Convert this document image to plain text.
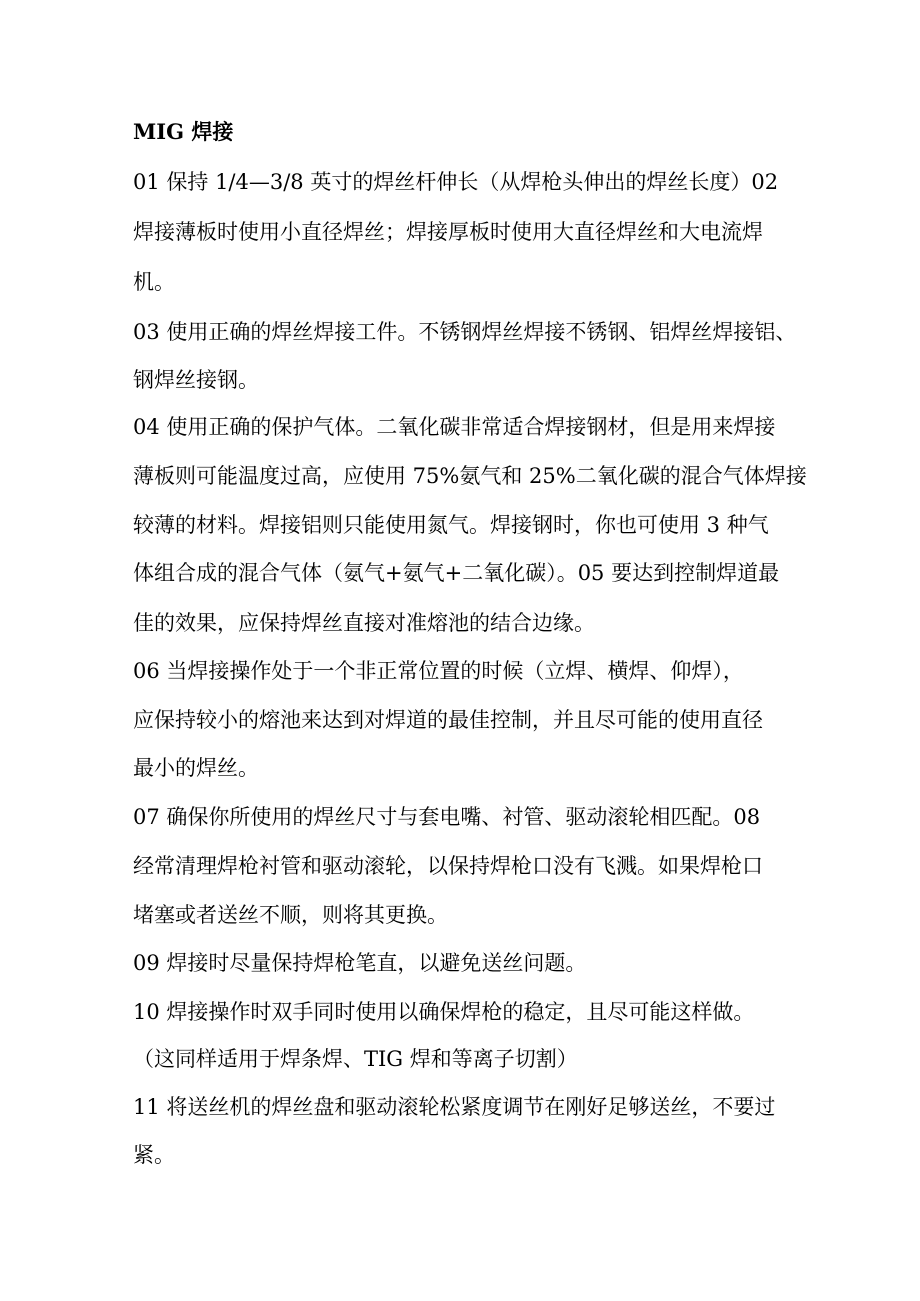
MIG 焊接
01 保持 1/4—3/8 英寸的焊丝杆伸长（从焊枪头伸出的焊丝长度）02
焊接薄板时使用小直径焊丝；焊接厚板时使用大直径焊丝和大电流焊
机。
03 使用正确的焊丝焊接工件。不锈钢焊丝焊接不锈钢、铝焊丝焊接铝、
钢焊丝接钢。
04 使用正确的保护气体。二氧化碳非常适合焊接钢材，但是用来焊接
薄板则可能温度过高，应使用 75%氨气和 25%二氧化碳的混合气体焊接
较薄的材料。焊接铝则只能使用氮气。焊接钢时，你也可使用 3 种气
体组合成的混合气体（氨气+氨气+二氧化碳）。05 要达到控制焊道最
佳的效果，应保持焊丝直接对准熔池的结合边缘。
06 当焊接操作处于一个非正常位置的时候（立焊、横焊、仰焊），
应保持较小的熔池来达到对焊道的最佳控制，并且尽可能的使用直径
最小的焊丝。
07 确保你所使用的焊丝尺寸与套电嘴、衬管、驱动滚轮相匹配。08
经常清理焊枪衬管和驱动滚轮，以保持焊枪口没有飞溅。如果焊枪口
堵塞或者送丝不顺，则将其更换。
09 焊接时尽量保持焊枪笔直，以避免送丝问题。
10 焊接操作时双手同时使用以确保焊枪的稳定，且尽可能这样做。
（这同样适用于焊条焊、TIG 焊和等离子切割）
11 将送丝机的焊丝盘和驱动滚轮松紧度调节在刚好足够送丝，不要过
紧。
